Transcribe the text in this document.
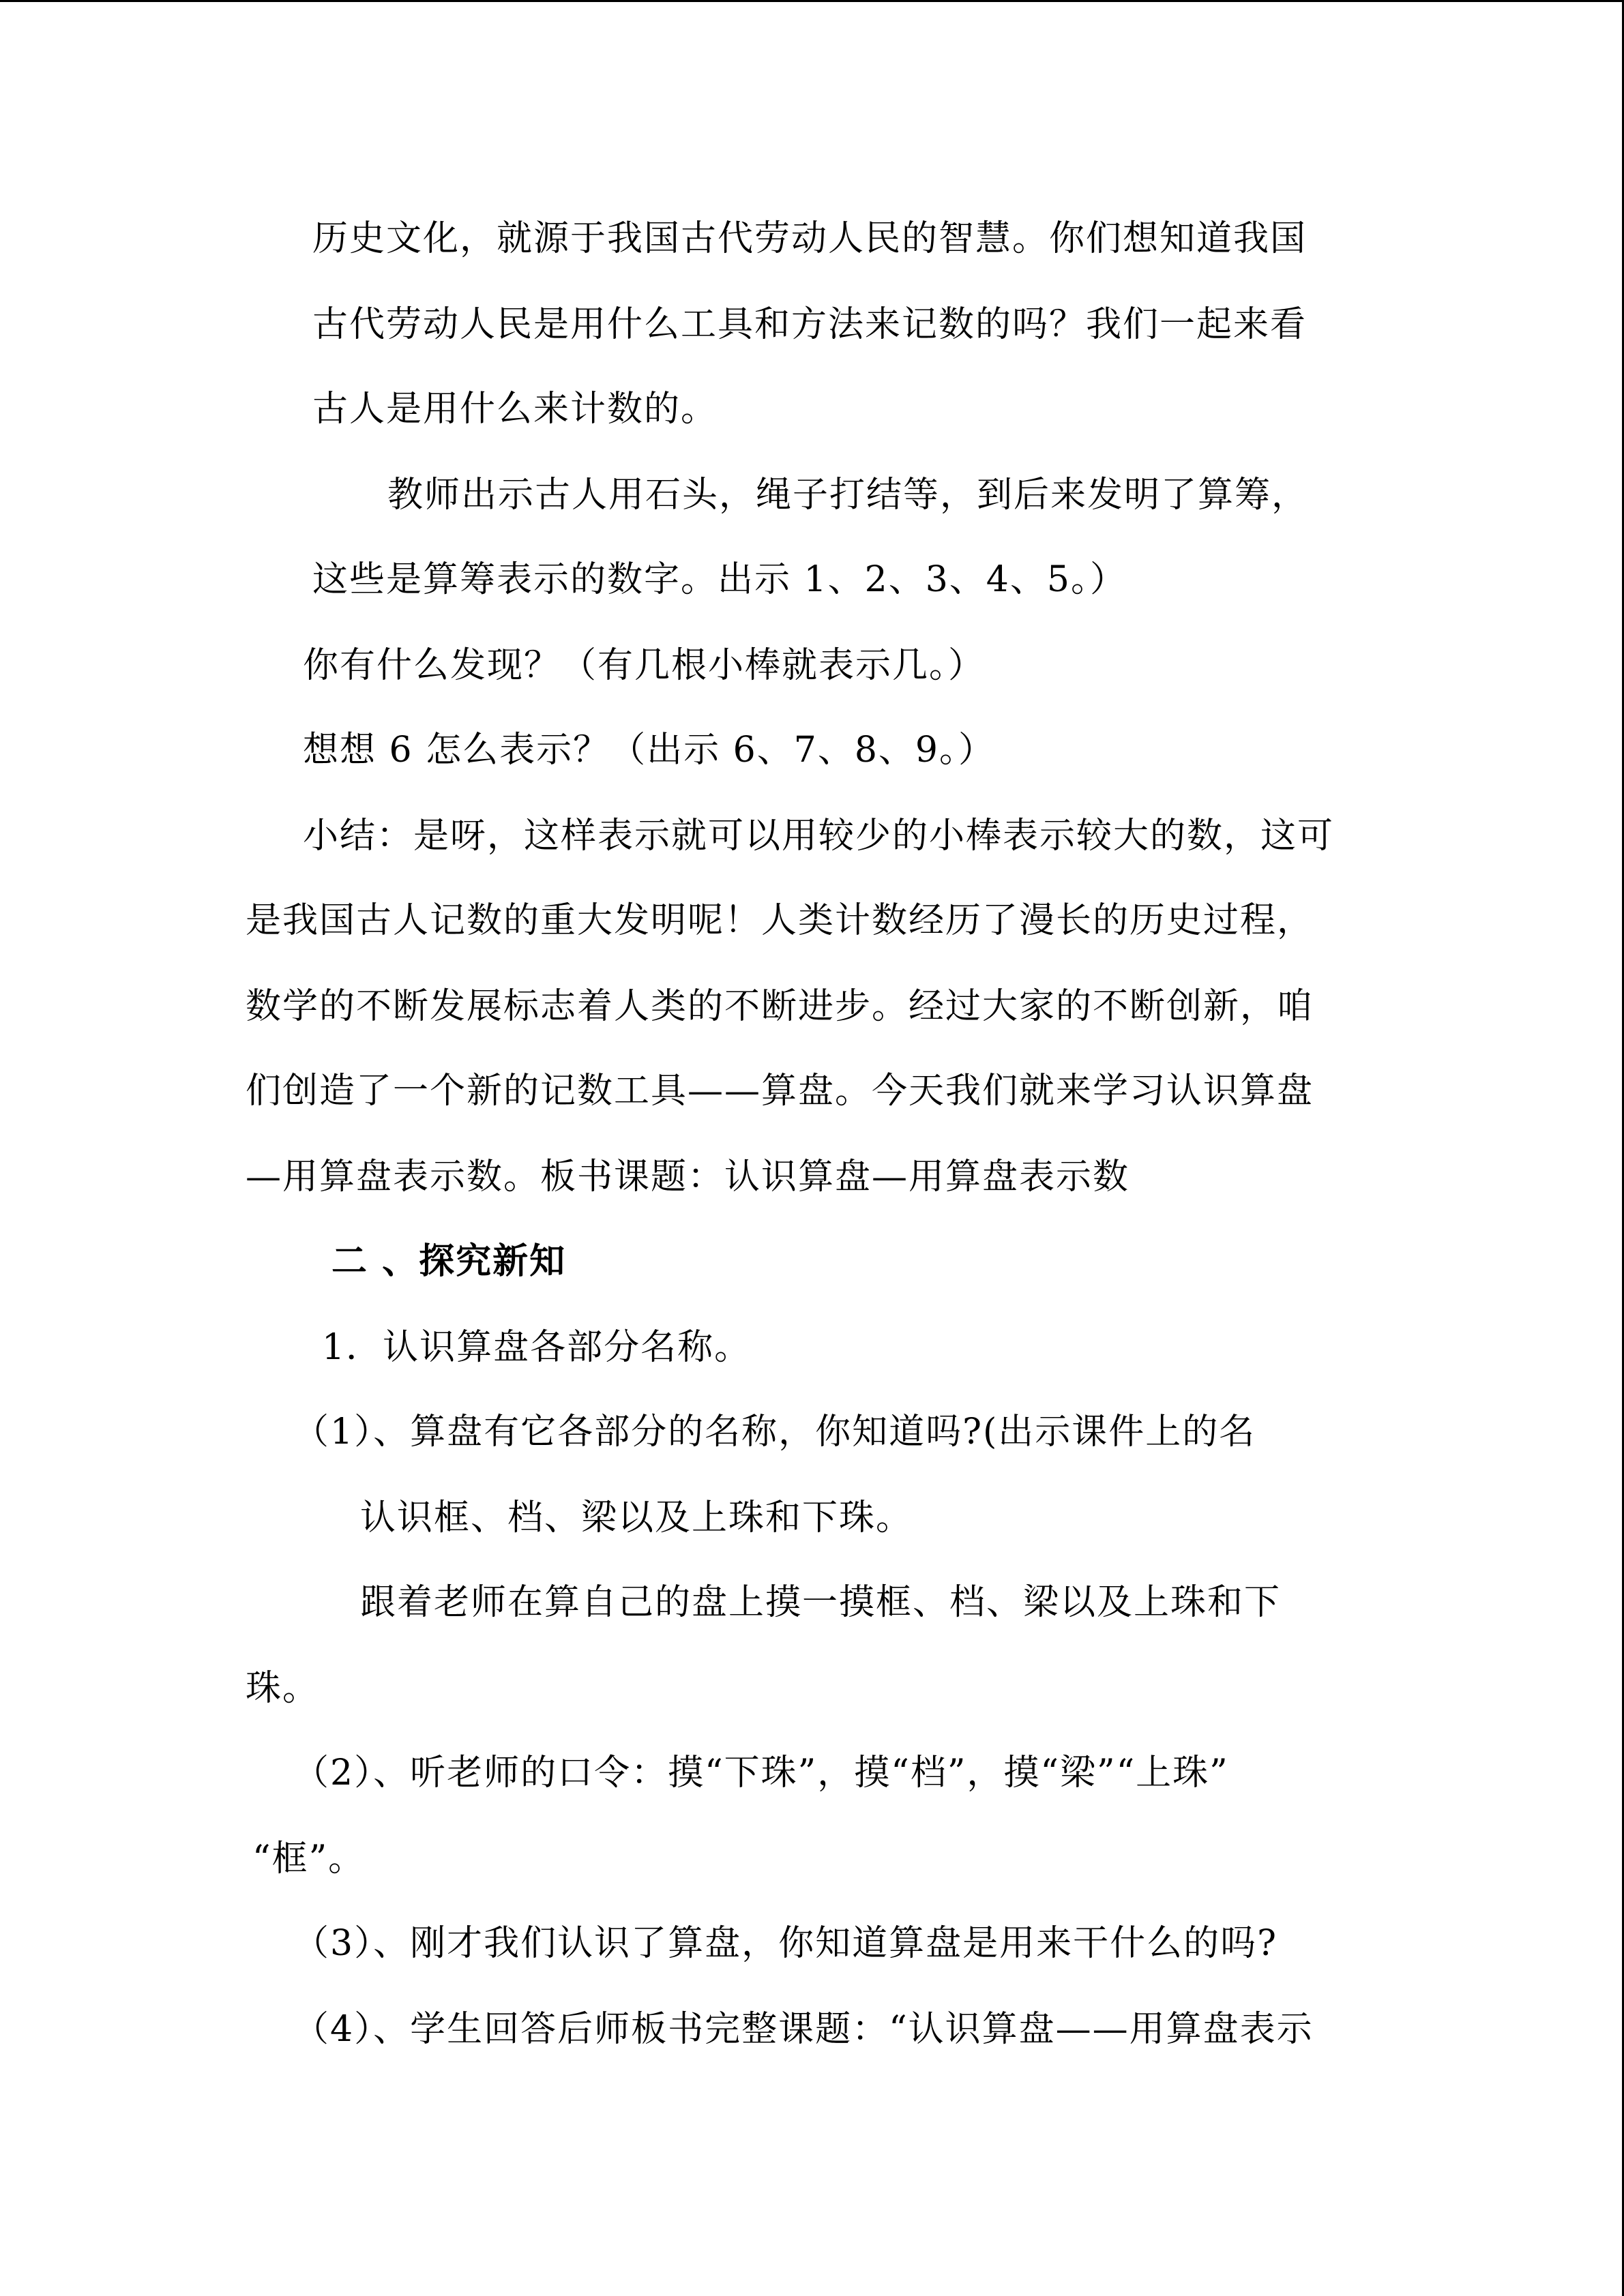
历史文化，就源于我国古代劳动人民的智慧。你们想知道我国
古代劳动人民是用什么工具和方法来记数的吗？我们一起来看
古人是用什么来计数的。
教师出示古人用石头，绳子打结等，到后来发明了算筹，
这些是算筹表示的数字。出示 1、2、3、4、5。）
你有什么发现？（有几根小棒就表示几。）
想想 6 怎么表示？（出示 6、7、8、9。）
小结：是呀，这样表示就可以用较少的小棒表示较大的数，这可
是我国古人记数的重大发明呢！人类计数经历了漫长的历史过程，
数学的不断发展标志着人类的不断进步。经过大家的不断创新，咱
们创造了一个新的记数工具——算盘。今天我们就来学习认识算盘
—用算盘表示数。板书课题：认识算盘—用算盘表示数
二 、探究新知
1．认识算盘各部分名称。
（1）、算盘有它各部分的名称，你知道吗?(出示课件上的名
认识框、档、梁以及上珠和下珠。
跟着老师在算自己的盘上摸一摸框、档、梁以及上珠和下
珠。
（2）、听老师的口令：摸“下珠”，摸“档”，摸“梁”“上珠”
“框”。
（3）、刚才我们认识了算盘，你知道算盘是用来干什么的吗?
（4）、学生回答后师板书完整课题：“认识算盘——用算盘表示
